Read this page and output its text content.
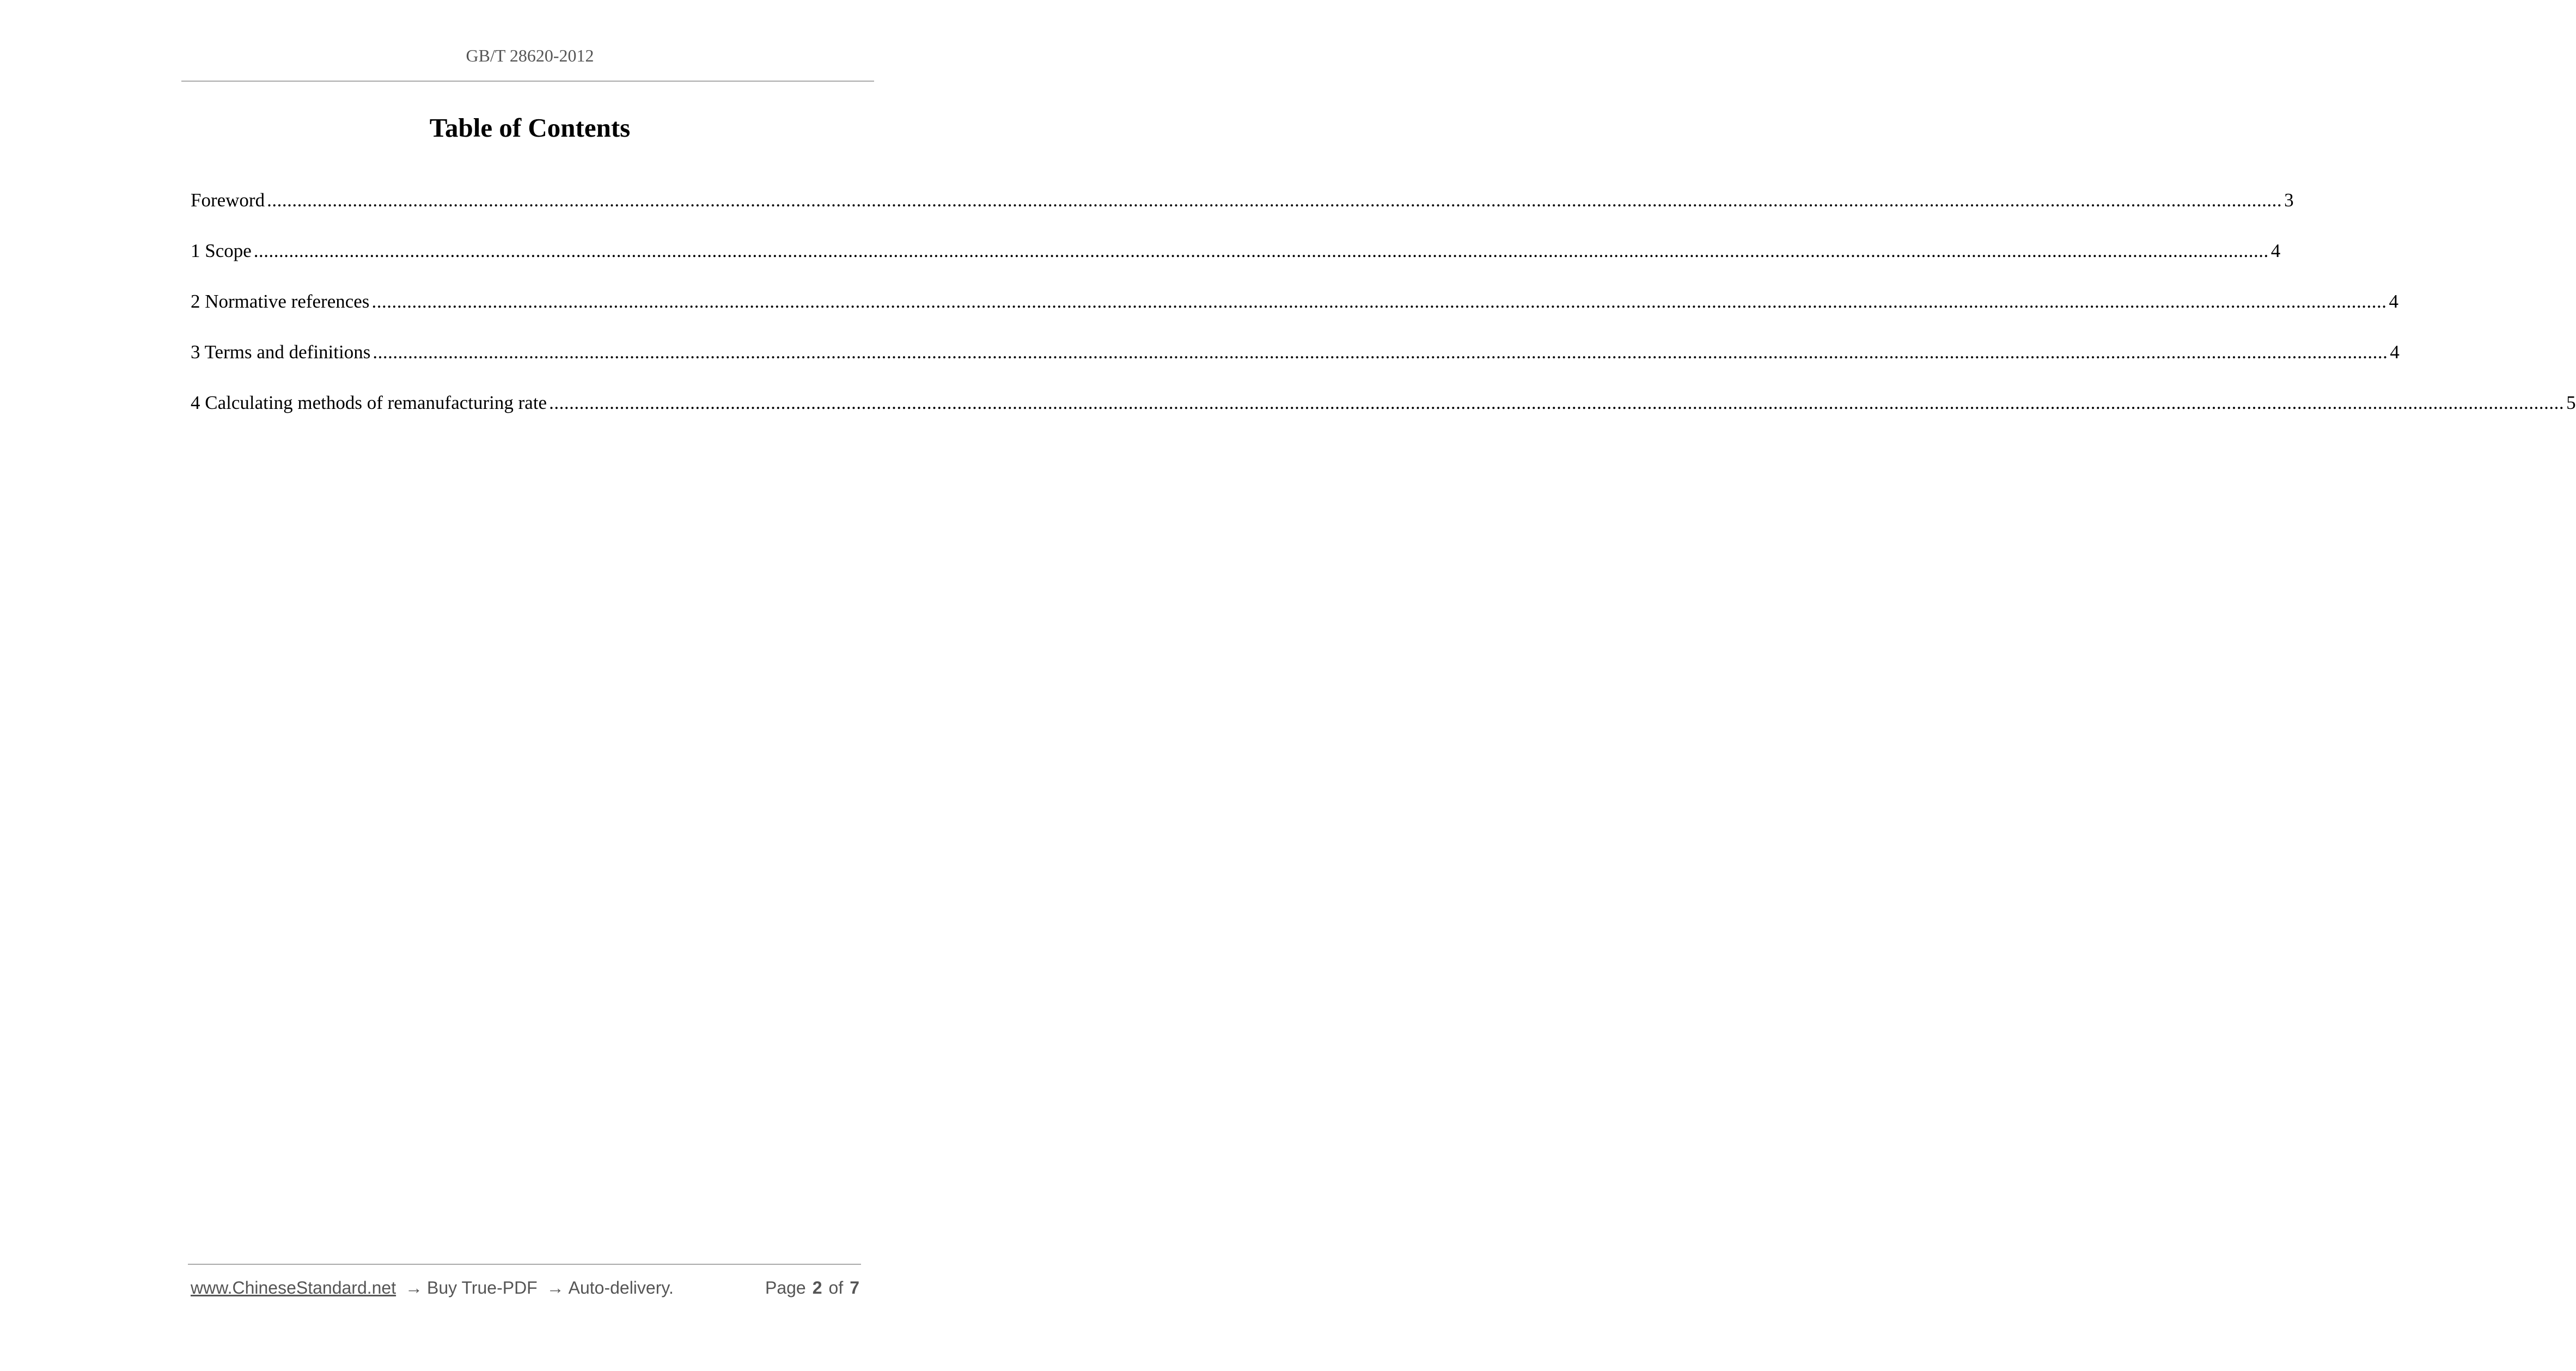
GB/T 28620-2012
Table of Contents
Foreword ................................................................................................................................................................................................................................................................................................................................................................................................................ 3
1 Scope ................................................................................................................................................................................................................................................................................................................................................................................................................ 4
2 Normative references ................................................................................................................................................................................................................................................................................................................................................................................................................ 4
3 Terms and definitions ................................................................................................................................................................................................................................................................................................................................................................................................................ 4
4 Calculating methods of remanufacturing rate ................................................................................................................................................................................................................................................................................................................................................................................................................ 5
www.ChineseStandard.net → Buy True-PDF → Auto-delivery.	Page 2 of 7
